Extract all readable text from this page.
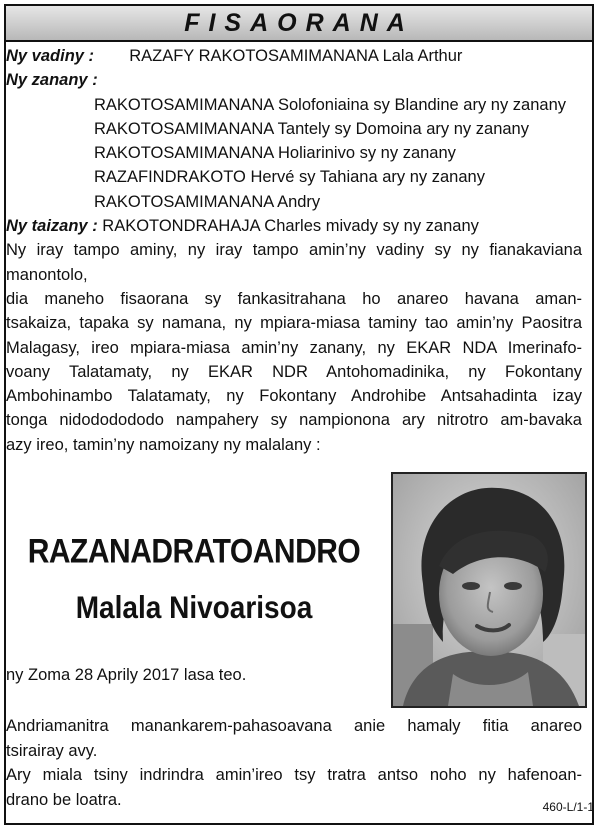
FISAORANA
Ny vadiny : RAZAFY RAKOTOSAMIMANANA Lala Arthur
Ny zanany :
RAKOTOSAMIMANANA Solofoniaina sy Blandine ary ny zanany
RAKOTOSAMIMANANA Tantely sy Domoina ary ny zanany
RAKOTOSAMIMANANA Holiarinivo sy ny zanany
RAZAFINDRAKOTO Hervé sy Tahiana ary ny zanany
RAKOTOSAMIMANANA Andry
Ny taizany : RAKOTONDRAHAJA Charles mivady sy ny zanany
Ny iray tampo aminy, ny iray tampo amin’ny vadiny sy ny fianakaviana
manontolo,
dia maneho fisaorana sy fankasitrahana ho anareo havana aman-
tsakaiza, tapaka sy namana, ny mpiara-miasa taminy tao amin’ny Paositra
Malagasy, ireo mpiara-miasa amin’ny zanany, ny EKAR NDA Imerinafo-
voany Talatamaty, ny EKAR NDR Antohomadinika, ny Fokontany
Ambohinambo Talatamaty, ny Fokontany Androhibe Antsahadinta izay
tonga nidododododo nampahery sy nampionona ary nitrotro am-bavaka
azy ireo, tamin’ny namoizany ny malalany :
RAZANADRATOANDRO
Malala Nivoarisoa
ny Zoma 28 Aprily 2017 lasa teo.
Andriamanitra manankarem-pahasoavana anie hamaly fitia anareo
tsirairay avy.
Ary miala tsiny indrindra amin’ireo tsy tratra antso noho ny hafenoan-
drano be loatra.	460-L/1-1
